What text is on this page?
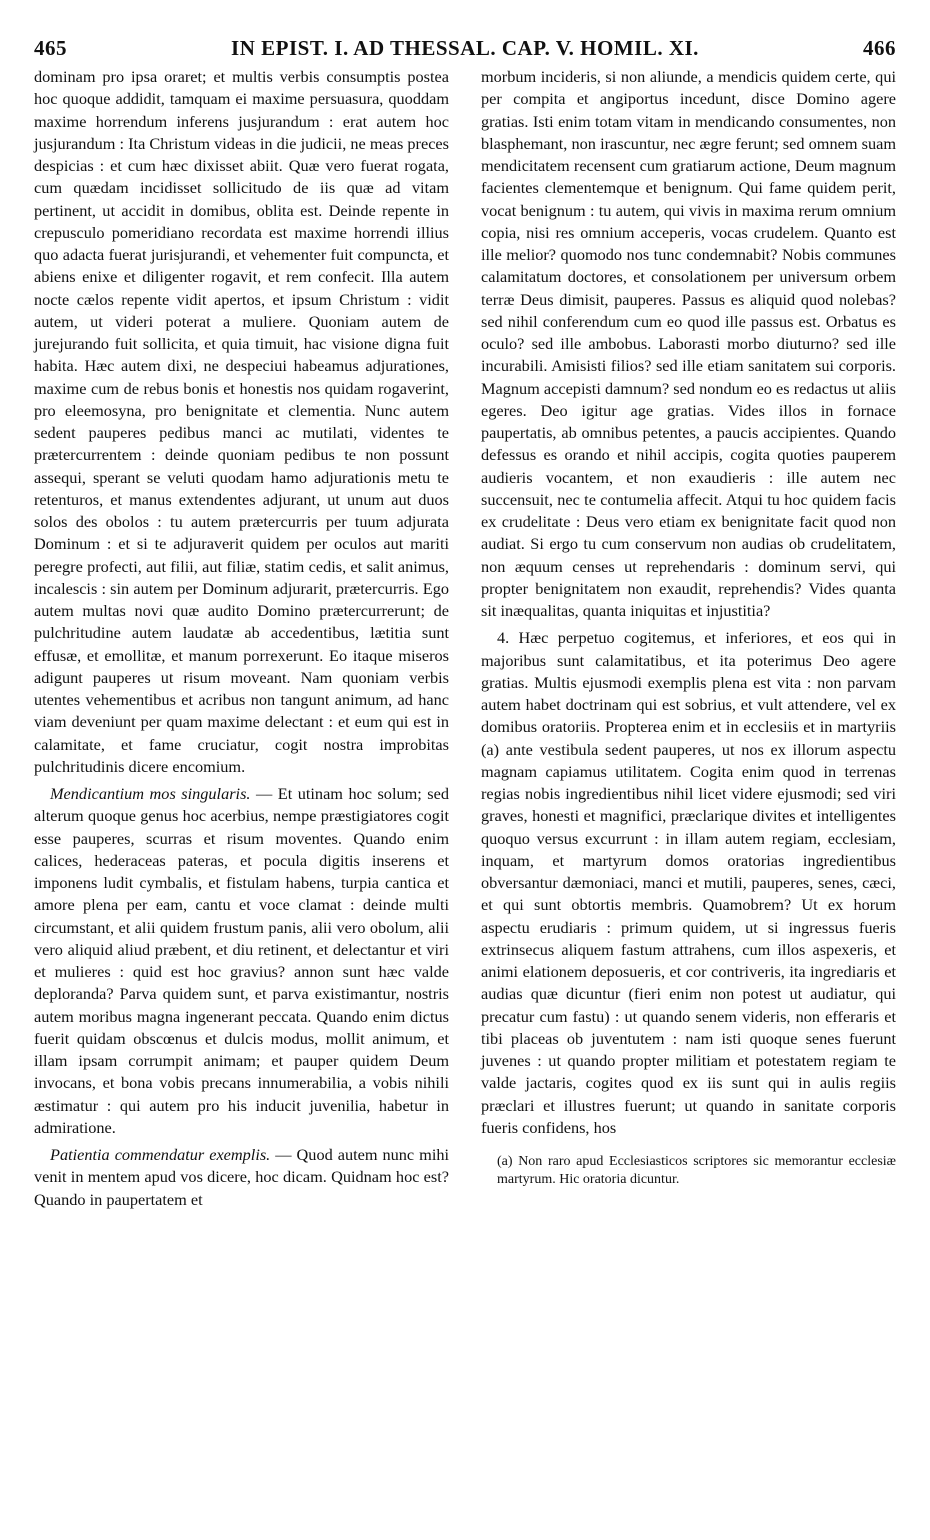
465	IN EPIST. I. AD THESSAL. CAP. V. HOMIL. XI.	466

dominam pro ipsa oraret; et multis verbis consumptis postea hoc quoque addidit, tamquam ei maxime persuasura, quoddam maxime horrendum inferens jusjurandum : erat autem hoc jusjurandum : Ita Christum videas in die judicii, ne meas preces despicias : et cum hæc dixisset abiit. Quæ vero fuerat rogata, cum quædam incidisset sollicitudo de iis quæ ad vitam pertinent, ut accidit in domibus, oblita est. Deinde repente in crepusculo pomeridiano recordata est maxime horrendi illius quo adacta fuerat jurisjurandi, et vehementer fuit compuncta, et abiens enixe et diligenter rogavit, et rem confecit. Illa autem nocte cælos repente vidit apertos, et ipsum Christum : vidit autem, ut videri poterat a muliere. Quoniam autem de jurejurando fuit sollicita, et quia timuit, hac visione digna fuit habita. Hæc autem dixi, ne despeciui habeamus adjurationes, maxime cum de rebus bonis et honestis nos quidam rogaverint, pro eleemosyna, pro benignitate et clementia. Nunc autem sedent pauperes pedibus manci ac mutilati, videntes te prætercurrentem : deinde quoniam pedibus te non possunt assequi, sperant se veluti quodam hamo adjurationis metu te retenturos, et manus extendentes adjurant, ut unum aut duos solos des obolos : tu autem prætercurris per tuum adjurata Dominum : et si te adjuraverit quidem per oculos aut mariti peregre profecti, aut filii, aut filiæ, statim cedis, et salit animus, incalescis : sin autem per Dominum adjurarit, prætercurris. Ego autem multas novi quæ audito Domino prætercurrerunt; de pulchritudine autem laudatæ ab accedentibus, lætitia sunt effusæ, et emollitæ, et manum porrexerunt. Eo itaque miseros adigunt pauperes ut risum moveant. Nam quoniam verbis utentes vehementibus et acribus non tangunt animum, ad hanc viam deveniunt per quam maxime delectant : et eum qui est in calamitate, et fame cruciatur, cogit nostra improbitas pulchritudinis dicere encomium.

Mendicantium mos singularis. — Et utinam hoc solum; sed alterum quoque genus hoc acerbius, nempe præstigiatores cogit esse pauperes, scurras et risum moventes. Quando enim calices, hederaceas pateras, et pocula digitis inserens et imponens ludit cymbalis, et fistulam habens, turpia cantica et amore plena per eam, cantu et voce clamat : deinde multi circumstant, et alii quidem frustum panis, alii vero obolum, alii vero aliquid aliud præbent, et diu retinent, et delectantur et viri et mulieres : quid est hoc gravius? annon sunt hæc valde deploranda? Parva quidem sunt, et parva existimantur, nostris autem moribus magna ingenerant peccata. Quando enim dictus fuerit quidam obscœnus et dulcis modus, mollit animum, et illam ipsam corrumpit animam; et pauper quidem Deum invocans, et bona vobis precans innumerabilia, a vobis nihili æstimatur : qui autem pro his inducit juvenilia, habetur in admiratione.

Patientia commendatur exemplis. — Quod autem nunc mihi venit in mentem apud vos dicere, hoc dicam. Quidnam hoc est? Quando in paupertatem et

morbum incideris, si non aliunde, a mendicis quidem certe, qui per compita et angiportus incedunt, disce Domino agere gratias. Isti enim totam vitam in mendicando consumentes, non blasphemant, non irascuntur, nec ægre ferunt; sed omnem suam mendicitatem recensent cum gratiarum actione, Deum magnum facientes clementemque et benignum. Qui fame quidem perit, vocat benignum : tu autem, qui vivis in maxima rerum omnium copia, nisi res omnium acceperis, vocas crudelem. Quanto est ille melior? quomodo nos tunc condemnabit? Nobis communes calamitatum doctores, et consolationem per universum orbem terræ Deus dimisit, pauperes. Passus es aliquid quod nolebas? sed nihil conferendum cum eo quod ille passus est. Orbatus es oculo? sed ille ambobus. Laborasti morbo diuturno? sed ille incurabili. Amisisti filios? sed ille etiam sanitatem sui corporis. Magnum accepisti damnum? sed nondum eo es redactus ut aliis egeres. Deo igitur age gratias. Vides illos in fornace paupertatis, ab omnibus petentes, a paucis accipientes. Quando defessus es orando et nihil accipis, cogita quoties pauperem audieris vocantem, et non exaudieris : ille autem nec succensuit, nec te contumelia affecit. Atqui tu hoc quidem facis ex crudelitate : Deus vero etiam ex benignitate facit quod non audiat. Si ergo tu cum conservum non audias ob crudelitatem, non æquum censes ut reprehendaris : dominum servi, qui propter benignitatem non exaudit, reprehendis? Vides quanta sit inæqualitas, quanta iniquitas et injustitia?

4. Hæc perpetuo cogitemus, et inferiores, et eos qui in majoribus sunt calamitatibus, et ita poterimus Deo agere gratias. Multis ejusmodi exemplis plena est vita : non parvam autem habet doctrinam qui est sobrius, et vult attendere, vel ex domibus oratoriis. Propterea enim et in ecclesiis et in martyriis (a) ante vestibula sedent pauperes, ut nos ex illorum aspectu magnam capiamus utilitatem. Cogita enim quod in terrenas regias nobis ingredientibus nihil licet videre ejusmodi; sed viri graves, honesti et magnifici, præclarique divites et intelligentes quoquo versus excurrunt : in illam autem regiam, ecclesiam, inquam, et martyrum domos oratorias ingredientibus obversantur dæmoniaci, manci et mutili, pauperes, senes, cæci, et qui sunt obtortis membris. Quamobrem? Ut ex horum aspectu erudiaris : primum quidem, ut si ingressus fueris extrinsecus aliquem fastum attrahens, cum illos aspexeris, et animi elationem deposueris, et cor contriveris, ita ingrediaris et audias quæ dicuntur (fieri enim non potest ut audiatur, qui precatur cum fastu) : ut quando senem videris, non efferaris et tibi placeas ob juventutem : nam isti quoque senes fuerunt juvenes : ut quando propter militiam et potestatem regiam te valde jactaris, cogites quod ex iis sunt qui in aulis regiis præclari et illustres fuerunt; ut quando in sanitate corporis fueris confidens, hos

(a) Non raro apud Ecclesiasticos scriptores sic memorantur ecclesiæ martyrum. Hic oratoria dicuntur.
